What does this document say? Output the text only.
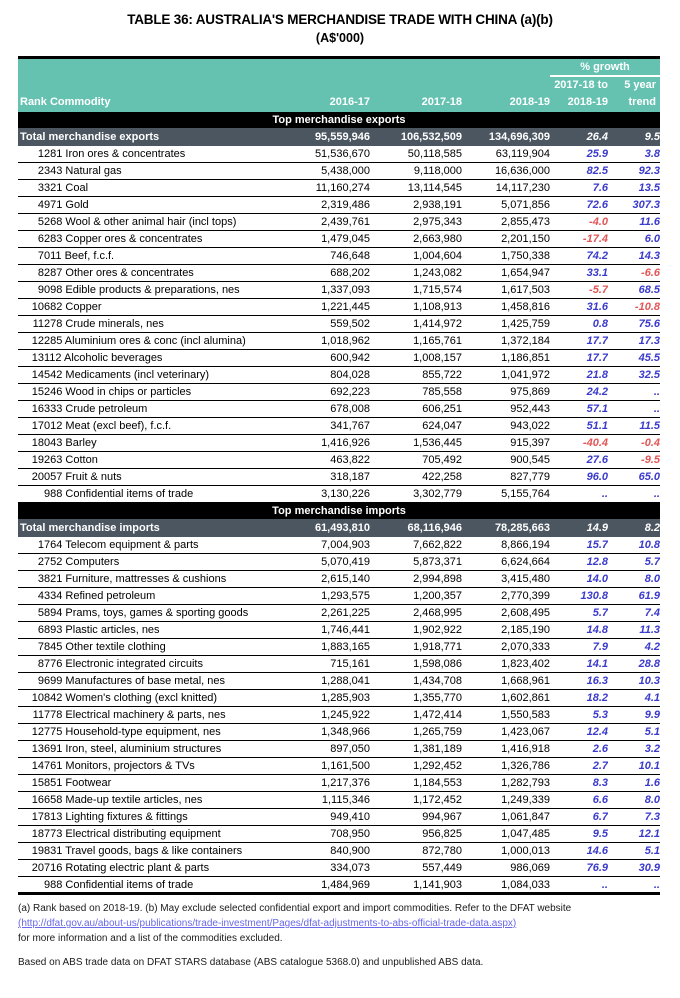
TABLE 36: AUSTRALIA'S MERCHANDISE TRADE WITH CHINA (a)(b)
(A$'000)
					% growth	
					2017-18 to	5 year
Rank Commodity		2016-17	2017-18	2018-19	2018-19	trend
Top merchandise exports						
Total merchandise exports		95,559,946	106,532,509	134,696,309	26.4	9.5
1	281 Iron ores & concentrates	51,536,670	50,118,585	63,119,904	25.9	3.8
2	343 Natural gas	5,438,000	9,118,000	16,636,000	82.5	92.3
3	321 Coal	11,160,274	13,114,545	14,117,230	7.6	13.5
4	971 Gold	2,319,486	2,938,191	5,071,856	72.6	307.3
5	268 Wool & other animal hair (incl tops)	2,439,761	2,975,343	2,855,473	-4.0	11.6
6	283 Copper ores & concentrates	1,479,045	2,663,980	2,201,150	-17.4	6.0
7	011 Beef, f.c.f.	746,648	1,004,604	1,750,338	74.2	14.3
8	287 Other ores & concentrates	688,202	1,243,082	1,654,947	33.1	-6.6
9	098 Edible products & preparations, nes	1,337,093	1,715,574	1,617,503	-5.7	68.5
10	682 Copper	1,221,445	1,108,913	1,458,816	31.6	-10.8
11	278 Crude minerals, nes	559,502	1,414,972	1,425,759	0.8	75.6
12	285 Aluminium ores & conc (incl alumina)	1,018,962	1,165,761	1,372,184	17.7	17.3
13	112 Alcoholic beverages	600,942	1,008,157	1,186,851	17.7	45.5
14	542 Medicaments (incl veterinary)	804,028	855,722	1,041,972	21.8	32.5
15	246 Wood in chips or particles	692,223	785,558	975,869	24.2	..
16	333 Crude petroleum	678,008	606,251	952,443	57.1	..
17	012 Meat (excl beef), f.c.f.	341,767	624,047	943,022	51.1	11.5
18	043 Barley	1,416,926	1,536,445	915,397	-40.4	-0.4
19	263 Cotton	463,822	705,492	900,545	27.6	-9.5
20	057 Fruit & nuts	318,187	422,258	827,779	96.0	65.0
	988 Confidential items of trade	3,130,226	3,302,779	5,155,764	..	..
Top merchandise imports						
Total merchandise imports		61,493,810	68,116,946	78,285,663	14.9	8.2
1	764 Telecom equipment & parts	7,004,903	7,662,822	8,866,194	15.7	10.8
2	752 Computers	5,070,419	5,873,371	6,624,664	12.8	5.7
3	821 Furniture, mattresses & cushions	2,615,140	2,994,898	3,415,480	14.0	8.0
4	334 Refined petroleum	1,293,575	1,200,357	2,770,399	130.8	61.9
5	894 Prams, toys, games & sporting goods	2,261,225	2,468,995	2,608,495	5.7	7.4
6	893 Plastic articles, nes	1,746,441	1,902,922	2,185,190	14.8	11.3
7	845 Other textile clothing	1,883,165	1,918,771	2,070,333	7.9	4.2
8	776 Electronic integrated circuits	715,161	1,598,086	1,823,402	14.1	28.8
9	699 Manufactures of base metal, nes	1,288,041	1,434,708	1,668,961	16.3	10.3
10	842 Women's clothing (excl knitted)	1,285,903	1,355,770	1,602,861	18.2	4.1
11	778 Electrical machinery & parts, nes	1,245,922	1,472,414	1,550,583	5.3	9.9
12	775 Household-type equipment, nes	1,348,966	1,265,759	1,423,067	12.4	5.1
13	691 Iron, steel, aluminium structures	897,050	1,381,189	1,416,918	2.6	3.2
14	761 Monitors, projectors & TVs	1,161,500	1,292,452	1,326,786	2.7	10.1
15	851 Footwear	1,217,376	1,184,553	1,282,793	8.3	1.6
16	658 Made-up textile articles, nes	1,115,346	1,172,452	1,249,339	6.6	8.0
17	813 Lighting fixtures & fittings	949,410	994,967	1,061,847	6.7	7.3
18	773 Electrical distributing equipment	708,950	956,825	1,047,485	9.5	12.1
19	831 Travel goods, bags & like containers	840,900	872,780	1,000,013	14.6	5.1
20	716 Rotating electric plant & parts	334,073	557,449	986,069	76.9	30.9
	988 Confidential items of trade	1,484,969	1,141,903	1,084,033	..	..
(a) Rank based on 2018-19. (b) May exclude selected confidential export and import commodities. Refer to the DFAT website
(http://dfat.gov.au/about-us/publications/trade-investment/Pages/dfat-adjustments-to-abs-official-trade-data.aspx)
for more information and a list of the commodities excluded.
Based on ABS trade data on DFAT STARS database (ABS catalogue 5368.0) and unpublished ABS data.
